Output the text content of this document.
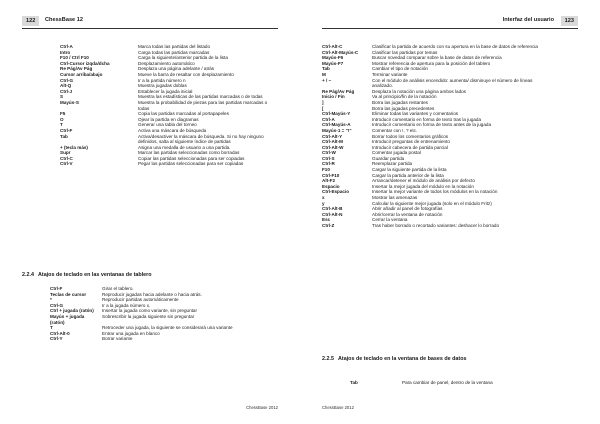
122	ChessBase 12
Ctrl-A	Marca todas las partidas del listado
Intro	Carga todas las partidas marcadas
F10 / Ctrl F10	Carga la siguiente/anterior partida de la lista
Ctrl-Cursor izqda/dcha	Desplazamiento automático
Re Pág/Av Pág	Desplaza una página adelante / atrás
Cursor arriba/abajo	Mueve la barra de resaltar con desplazamiento
Ctrl-G	Ir a la partida número n
Alt-Q	Muestra jugadas doblas
Ctrl-J	Establecer la jugada inicial
S	Muestra las estadísticas de las partidas marcadas o de todas
Mayús-S	Muestra la probabilidad de piezas para las partidas marcadas o todas
F5	Copia las partidas marcadas al portapapeles
O	Ojear la partida en diagramas
T	Generar una tabla del torneo
Ctrl-F	Activa una máscara de búsqueda
Tab	Activa/desactiver la máscara de búsqueda. Si no hay ninguno definidos, salta al siguiente índice de partidas
+ (tecla más)	Asigna una medalla de usuario a una partida.
Supr	Marcar las partidas seleccionadas como borradas
Ctrl-C	Copiar las partidas seleccionadas para ser copiadas
Ctrl-V	Pegar las partidas seleccionadas para ser copiadas
2.2.4 Atajos de teclado en las ventanas de tablero
Ctrl-F	Girar el tablero.
Teclas de cursor	Reproducir jugadas hacia adelante o hacia atrás.
*	Reproducir partidas automáticamente
Ctrl-G	Ir a la jugada número x.
Ctrl + jugada (ratón)	Insertar la jugada como variante, sin preguntar
Mayús + jugada (ratón)	Sobrescribir la jugada siguiente sin preguntar
T	Retroceder una jugada, la siguiente se considerará una variante
Ctrl-Alt-0	Entrar una jugada en blanco
Ctrl-Y	Borrar variante
ChessBase 2012
Interfaz del usuario	123
Ctrl-Alt-C	Clasificar la partida de acuerdo con su apertura en la base de datos de referencia
Ctrl-Alt-Mayús-C	Clasificar las partidas por temas
Mayús-F6	Buscar novedad comparar sobre la base de datos de referencia
Mayús-F7	Mostrar referencia de apertura para la posición del tablero
Tab	Cambiar el tipo de notación
M	Terminar variante
+ / −	Con el módulo de análisis encendido: aumenta/ disminuye el número de líneas analizado.
Re Pág/Av Pág	Desplaza la notación una página ambos lados
Inicio / Fin	Va al principio/fin de la notación
]	Borra las jugadas restantes
[	Borra las jugadas precedentes
Ctrl-Mayús-Y	Eliminar todas las variantes y comentarios
Ctrl-A	Introducir comentario en forma de texto tras la jugada
Ctrl-Mayús-A	Introducir comentario en forma de texto antes de la jugada
Mayús-1 = "!"	Comentar con !, ? etc.
Ctrl-Alt-Y	Borrar todos los comentarios gráficos
Ctrl-Alt-M	Introducir preguntas de entrenamiento
Ctrl-Alt-W	Introducir cabecera de partida parcial
Ctrl-W	Comentar jugada postal
Ctrl-S	Guardar partida
Ctrl-R	Reemplazar partida
F10	Cargar la siguiente partida de la lista
Ctrl-F10	Cargar la partida anterior de la lista
Alt-F2	Arrancar/detener el módulo de análisis por defecto
Espacio	Insertar la mejor jugada del módulo en la notación
Ctrl-Espacio	Insertar la mejor variante de todos los módulos en la notación
x	Mostrar las amenazas
y	Calcular la siguiente mejor jugada (solo en el módulo Fritz)
Ctrl-Alt-B	Abrir añadir al panel de fotografías
Ctrl-Alt-N	Abrir/cerrar la ventana de notación
Esc	Cerrar la ventana
Ctrl-Z	Tras haber borrado o recortado variantes: deshacer lo borrado
2.2.5 Atajos de teclado en la ventana de bases de datos
Tab	Para cambiar de panel, dentro de la ventana
ChessBase 2012
